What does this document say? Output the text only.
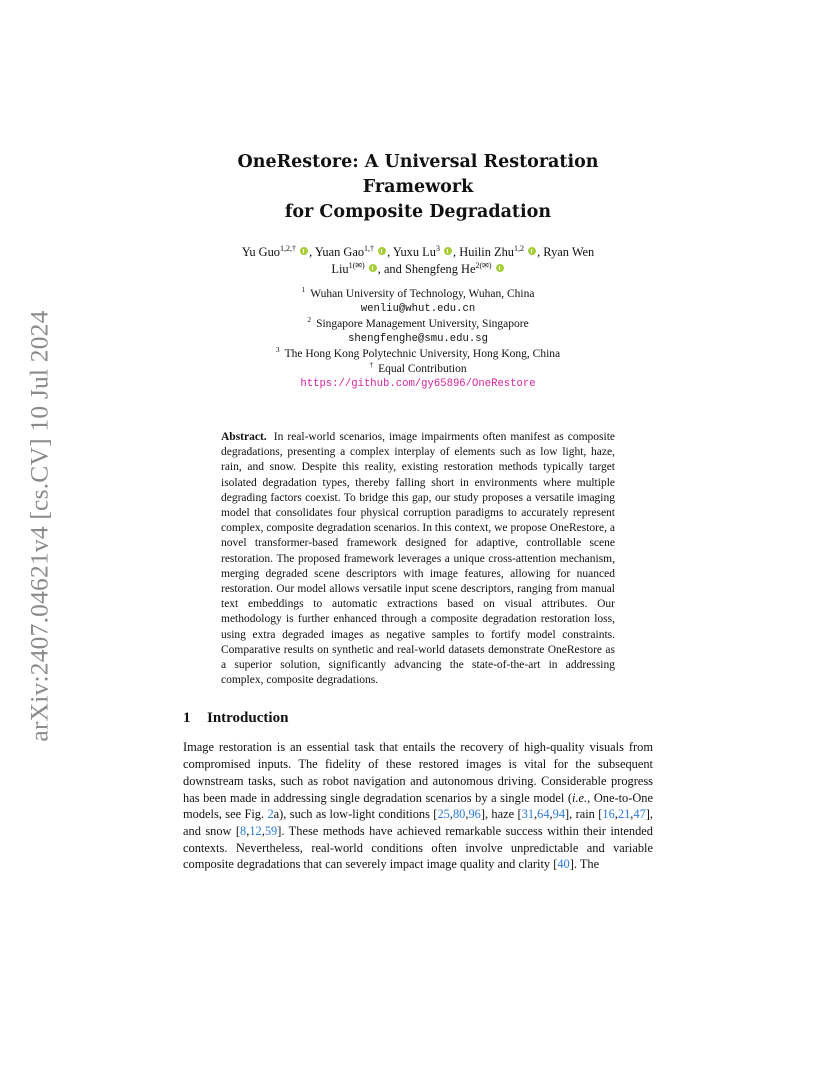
arXiv:2407.04621v4 [cs.CV] 10 Jul 2024
OneRestore: A Universal Restoration Framework
for Composite Degradation
Yu Guo$^{1,2,\dagger}$ , Yuan Gao$^{1,\dagger}$ , Yuxu Lu$^3$ , Huilin Zhu$^{1,2}$ , Ryan Wen
Liu$^{1(✉)}$ , and Shengfeng $He^{2(✉)}$
$^1$ Wuhan University of Technology, Wuhan, China
wenliu@whut.edu.cn
$^2$ Singapore Management University, Singapore
shengfenghe@smu.edu.sg
$^3$ The Hong Kong Polytechnic University, Hong Kong, China
† Equal Contribution
https://github.com/gy65896/OneRestore
Abstract. In real-world scenarios, image impairments often manifest as composite degradations, presenting a complex interplay of elements such as low light, haze, rain, and snow. Despite this reality, existing restoration methods typically target isolated degradation types, thereby falling short in environments where multiple degrading factors coexist. To bridge this gap, our study proposes a versatile imaging model that consolidates four physical corruption paradigms to accurately represent complex, composite degradation scenarios. In this context, we propose OneRestore, a novel transformer-based framework designed for adaptive, controllable scene restoration. The proposed framework leverages a unique cross-attention mechanism, merging degraded scene descriptors with image features, allowing for nuanced restoration. Our model allows versatile input scene descriptors, ranging from manual text embeddings to automatic extractions based on visual attributes. Our methodology is further enhanced through a composite degradation restoration loss, using extra degraded images as negative samples to fortify model constraints. Comparative results on synthetic and real-world datasets demonstrate OneRestore as a superior solution, significantly advancing the state-of-the-art in addressing complex, composite degradations.
1 Introduction
Image restoration is an essential task that entails the recovery of high-quality visuals from compromised inputs. The fidelity of these restored images is vital for the subsequent downstream tasks, such as robot navigation and autonomous driving. Considerable progress has been made in addressing single degradation scenarios by a single model (i.e., One-to-One models, see Fig. 2a), such as low-light conditions [25,80,96], haze [31,64,94], rain [16,21,47], and snow [8,12,59]. These methods have achieved remarkable success within their intended contexts. Nevertheless, real-world conditions often involve unpredictable and variable composite degradations that can severely impact image quality and clarity [40]. The
